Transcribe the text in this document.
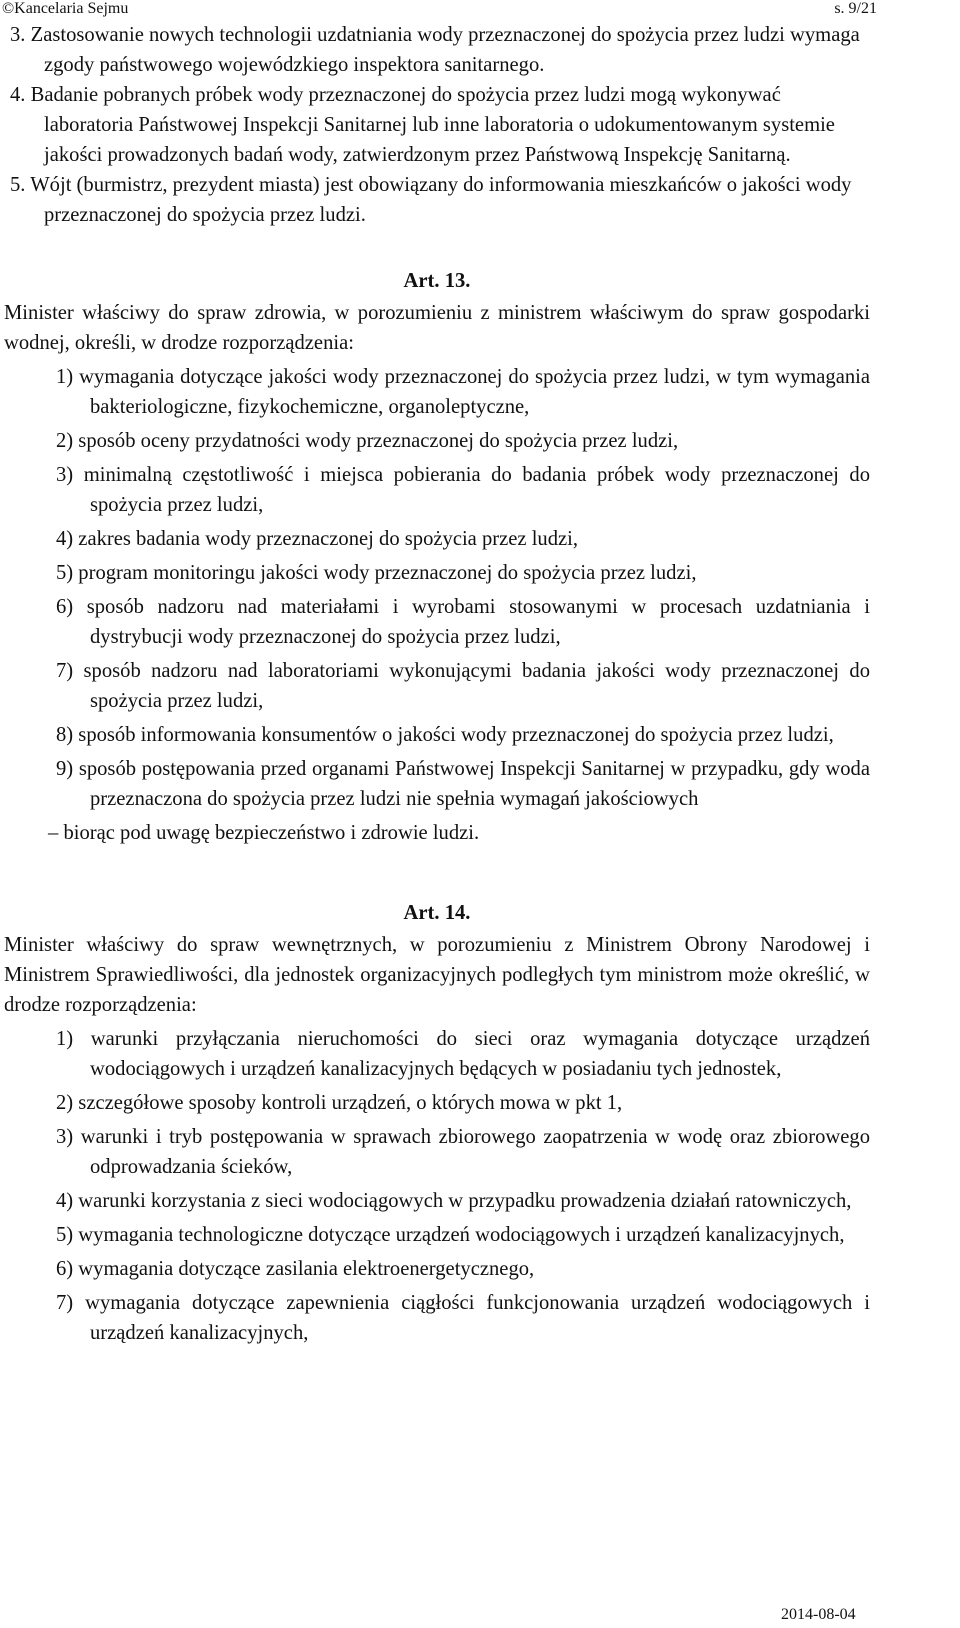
©Kancelaria Sejmu	s. 9/21

3. Zastosowanie nowych technologii uzdatniania wody przeznaczonej do spożycia przez ludzi wymaga zgody państwowego wojewódzkiego inspektora sanitarnego.

4. Badanie pobranych próbek wody przeznaczonej do spożycia przez ludzi mogą wykonywać laboratoria Państwowej Inspekcji Sanitarnej lub inne laboratoria o udokumentowanym systemie jakości prowadzonych badań wody, zatwierdzonym przez Państwową Inspekcję Sanitarną.

5. Wójt (burmistrz, prezydent miasta) jest obowiązany do informowania mieszkańców o jakości wody przeznaczonej do spożycia przez ludzi.

Art. 13.

Minister właściwy do spraw zdrowia, w porozumieniu z ministrem właściwym do spraw gospodarki wodnej, określi, w drodze rozporządzenia:

1) wymagania dotyczące jakości wody przeznaczonej do spożycia przez ludzi, w tym wymagania bakteriologiczne, fizykochemiczne, organoleptyczne,

2) sposób oceny przydatności wody przeznaczonej do spożycia przez ludzi,

3) minimalną częstotliwość i miejsca pobierania do badania próbek wody przeznaczonej do spożycia przez ludzi,

4) zakres badania wody przeznaczonej do spożycia przez ludzi,

5) program monitoringu jakości wody przeznaczonej do spożycia przez ludzi,

6) sposób nadzoru nad materiałami i wyrobami stosowanymi w procesach uzdatniania i dystrybucji wody przeznaczonej do spożycia przez ludzi,

7) sposób nadzoru nad laboratoriami wykonującymi badania jakości wody przeznaczonej do spożycia przez ludzi,

8) sposób informowania konsumentów o jakości wody przeznaczonej do spożycia przez ludzi,

9) sposób postępowania przed organami Państwowej Inspekcji Sanitarnej w przypadku, gdy woda przeznaczona do spożycia przez ludzi nie spełnia wymagań jakościowych

– biorąc pod uwagę bezpieczeństwo i zdrowie ludzi.

Art. 14.

Minister właściwy do spraw wewnętrznych, w porozumieniu z Ministrem Obrony Narodowej i Ministrem Sprawiedliwości, dla jednostek organizacyjnych podległych tym ministrom może określić, w drodze rozporządzenia:

1) warunki przyłączania nieruchomości do sieci oraz wymagania dotyczące urządzeń wodociągowych i urządzeń kanalizacyjnych będących w posiadaniu tych jednostek,

2) szczegółowe sposoby kontroli urządzeń, o których mowa w pkt 1,

3) warunki i tryb postępowania w sprawach zbiorowego zaopatrzenia w wodę oraz zbiorowego odprowadzania ścieków,

4) warunki korzystania z sieci wodociągowych w przypadku prowadzenia działań ratowniczych,

5) wymagania technologiczne dotyczące urządzeń wodociągowych i urządzeń kanalizacyjnych,

6) wymagania dotyczące zasilania elektroenergetycznego,

7) wymagania dotyczące zapewnienia ciągłości funkcjonowania urządzeń wodociągowych i urządzeń kanalizacyjnych,

2014-08-04
